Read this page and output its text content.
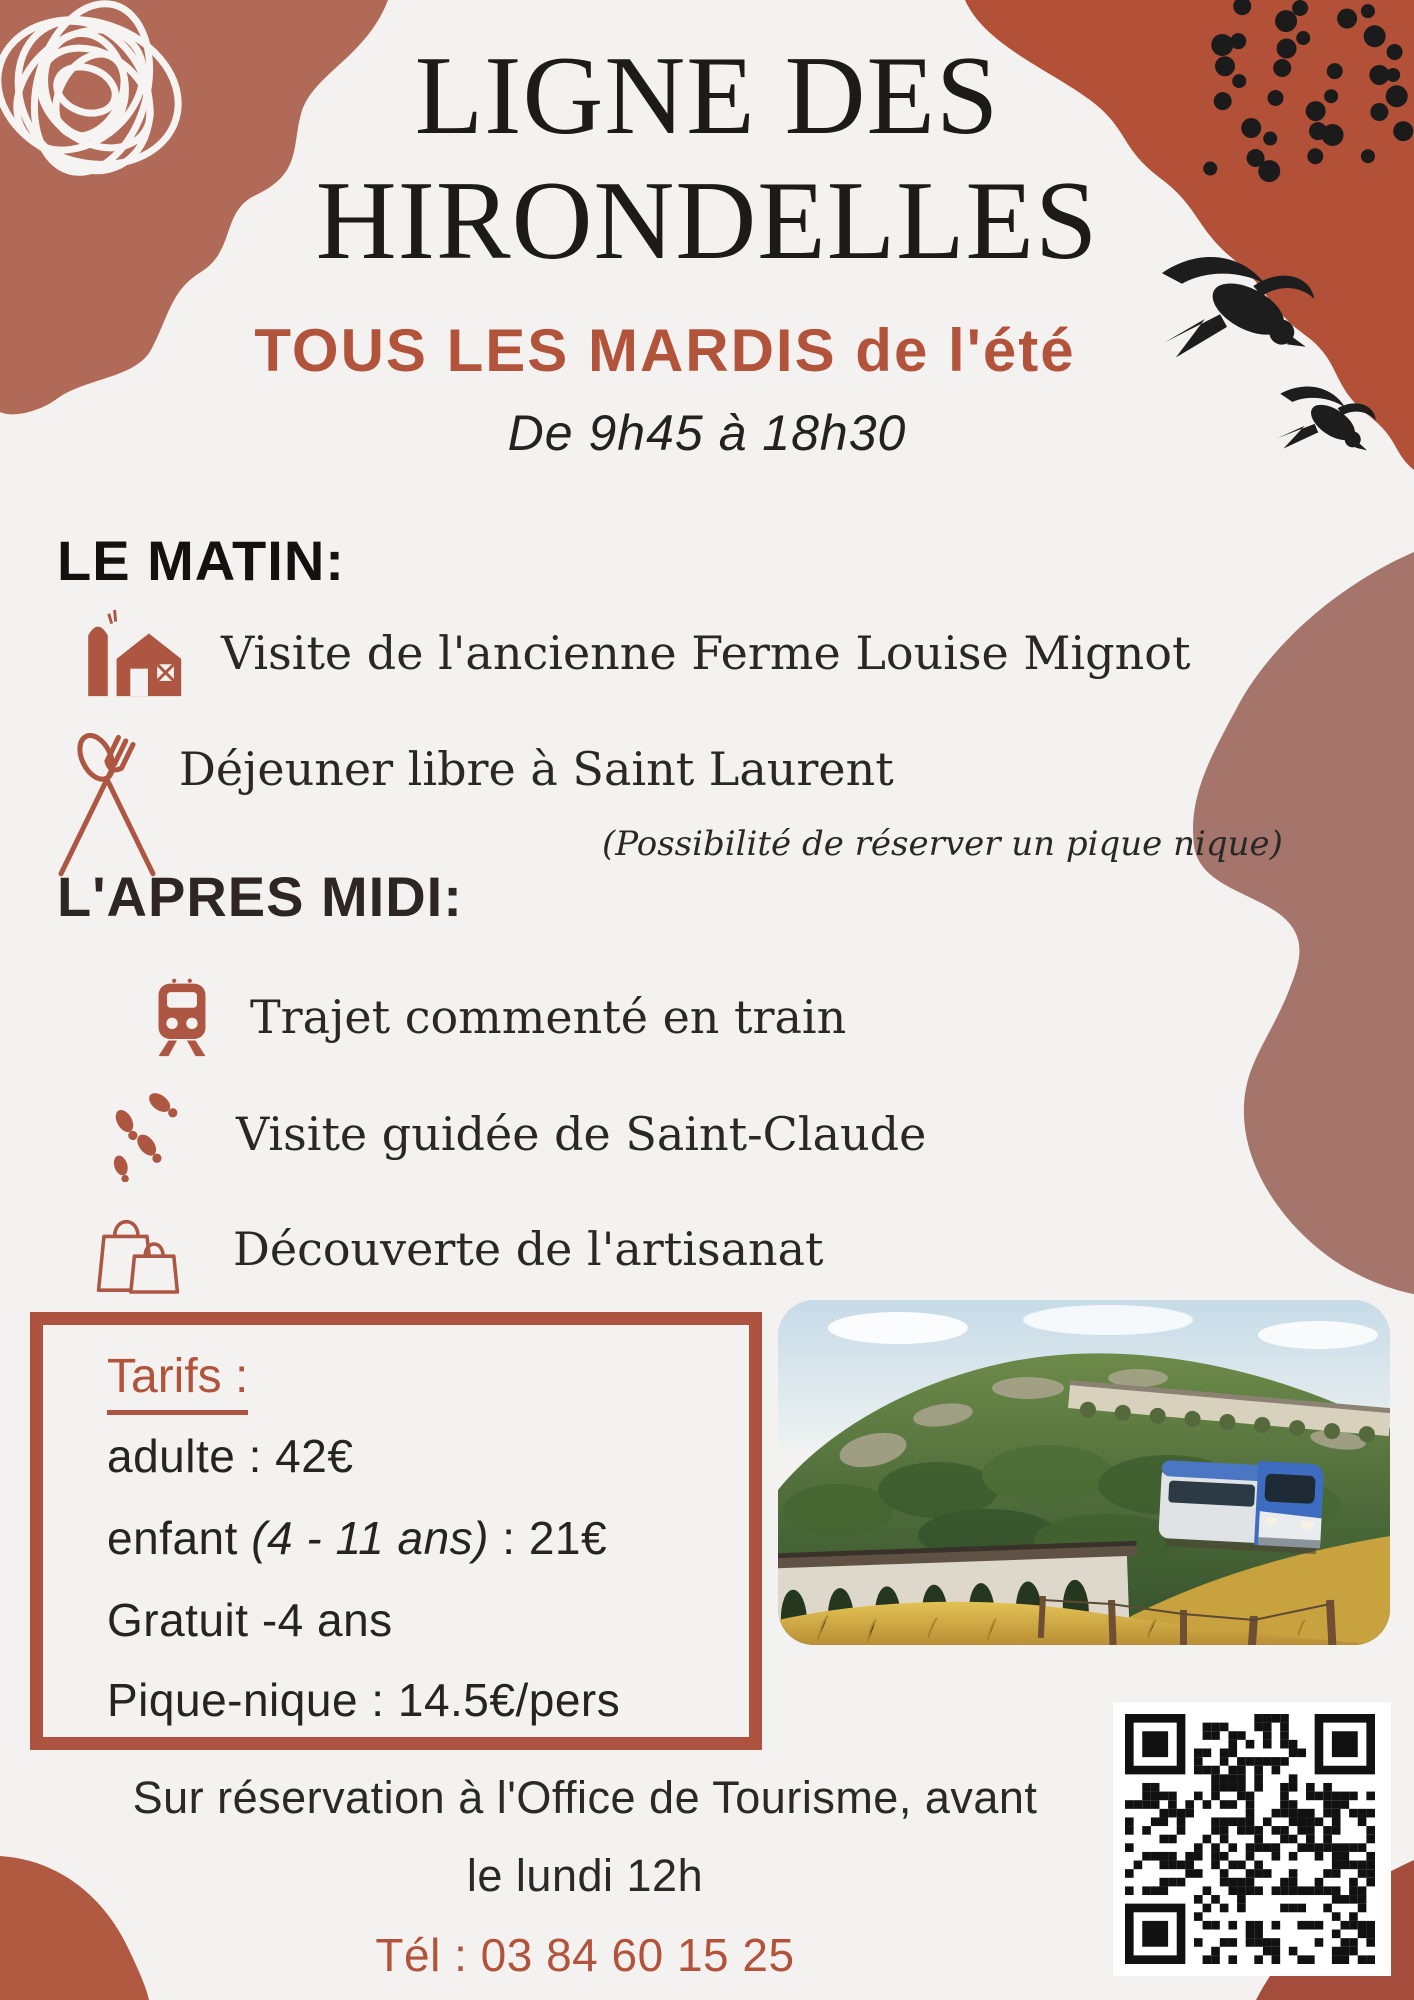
LIGNE DES
HIRONDELLES
TOUS LES MARDIS de l'été
De 9h45 à 18h30
LE MATIN:
Visite de l'ancienne Ferme Louise Mignot
Déjeuner libre à Saint Laurent
(Possibilité de réserver un pique nique)
L'APRES MIDI:
Trajet commenté en train
Visite guidée de Saint-Claude
Découverte de l'artisanat
Tarifs :
adulte : 42€
enfant (4 - 11 ans) : 21€
Gratuit -4 ans
Pique-nique : 14.5€/pers
Sur réservation à l'Office de Tourisme, avant
le lundi 12h
Tél : 03 84 60 15 25
